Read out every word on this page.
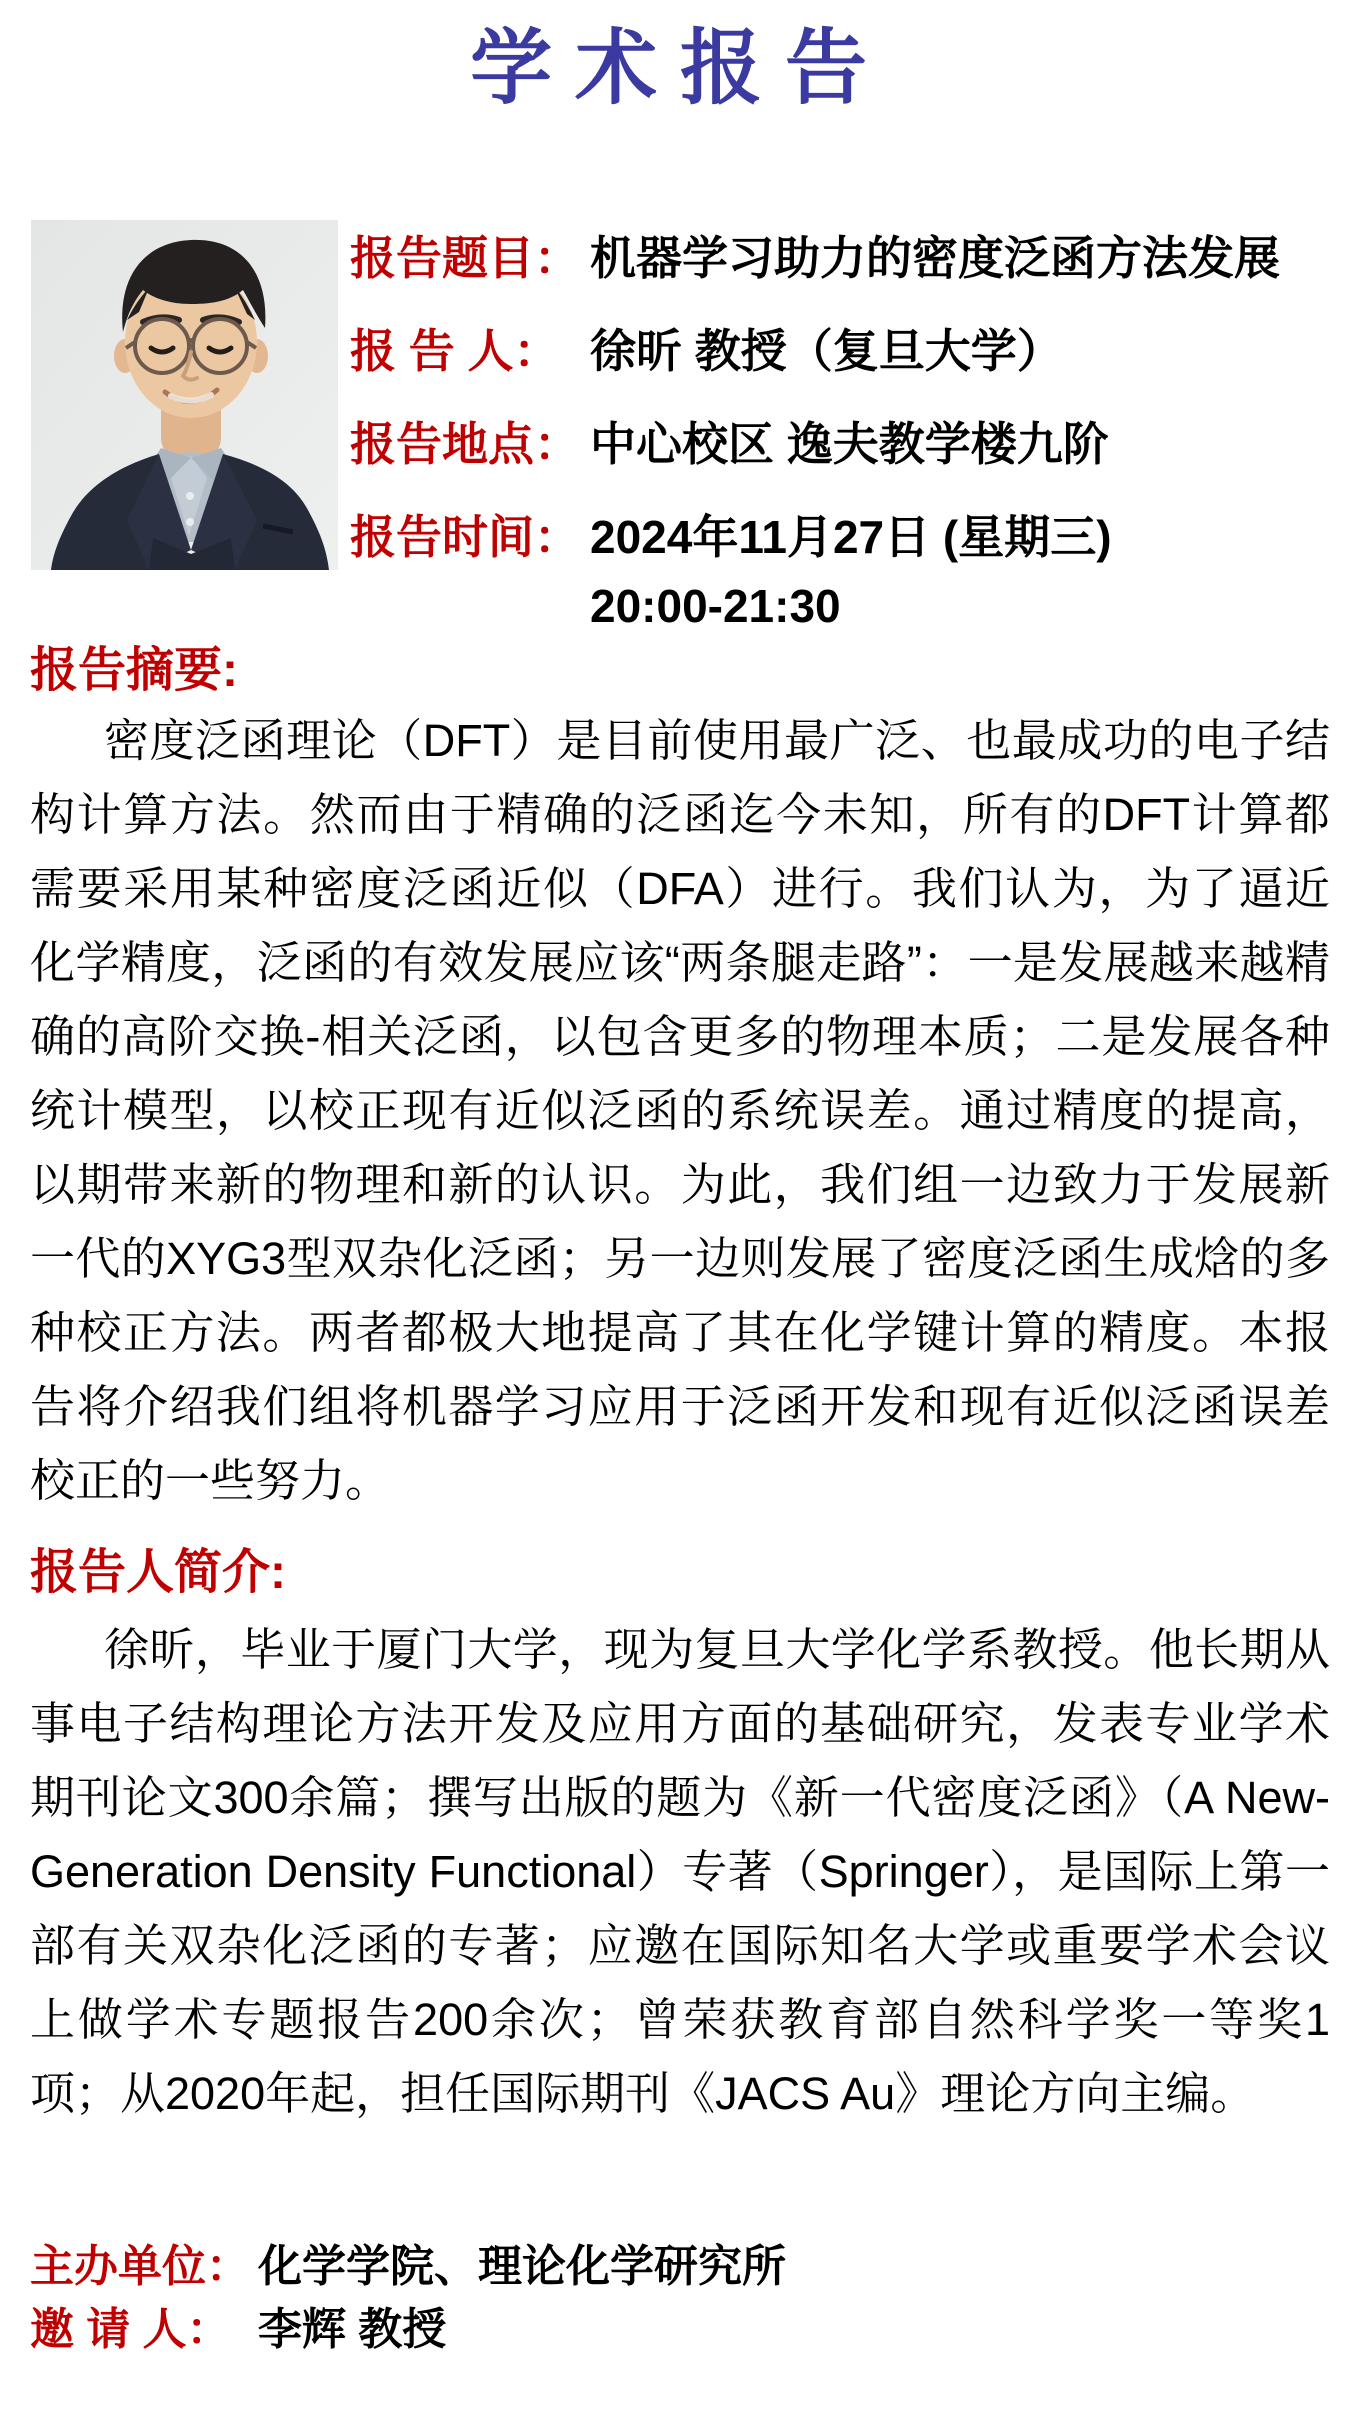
学术报告
报告题目： 机器学习助力的密度泛函方法发展
报 告 人： 徐昕 教授（复旦大学）
报告地点： 中心校区 逸夫教学楼九阶
报告时间： 2024年11月27日 (星期三)
20:00-21:30
报告摘要:

密度泛函理论（DFT）是目前使用最广泛、也最成功的电子结构计算方法。然而由于精确的泛函迄今未知，所有的DFT计算都需要采用某种密度泛函近似（DFA）进行。我们认为，为了逼近化学精度，泛函的有效发展应该“两条腿走路”：一是发展越来越精确的高阶交换-相关泛函，以包含更多的物理本质；二是发展各种统计模型，以校正现有近似泛函的系统误差。通过精度的提高，以期带来新的物理和新的认识。为此，我们组一边致力于发展新一代的XYG3型双杂化泛函；另一边则发展了密度泛函生成焓的多种校正方法。两者都极大地提高了其在化学键计算的精度。本报告将介绍我们组将机器学习应用于泛函开发和现有近似泛函误差校正的一些努力。

报告人简介:

徐昕，毕业于厦门大学，现为复旦大学化学系教授。他长期从事电子结构理论方法开发及应用方面的基础研究，发表专业学术期刊论文300余篇；撰写出版的题为《新一代密度泛函》（A New-Generation Density Functional）专著（Springer），是国际上第一部有关双杂化泛函的专著；应邀在国际知名大学或重要学术会议上做学术专题报告200余次；曾荣获教育部自然科学奖一等奖1项；从2020年起，担任国际期刊《JACS Au》理论方向主编。

主办单位： 化学学院、理论化学研究所
邀 请 人： 李辉 教授
